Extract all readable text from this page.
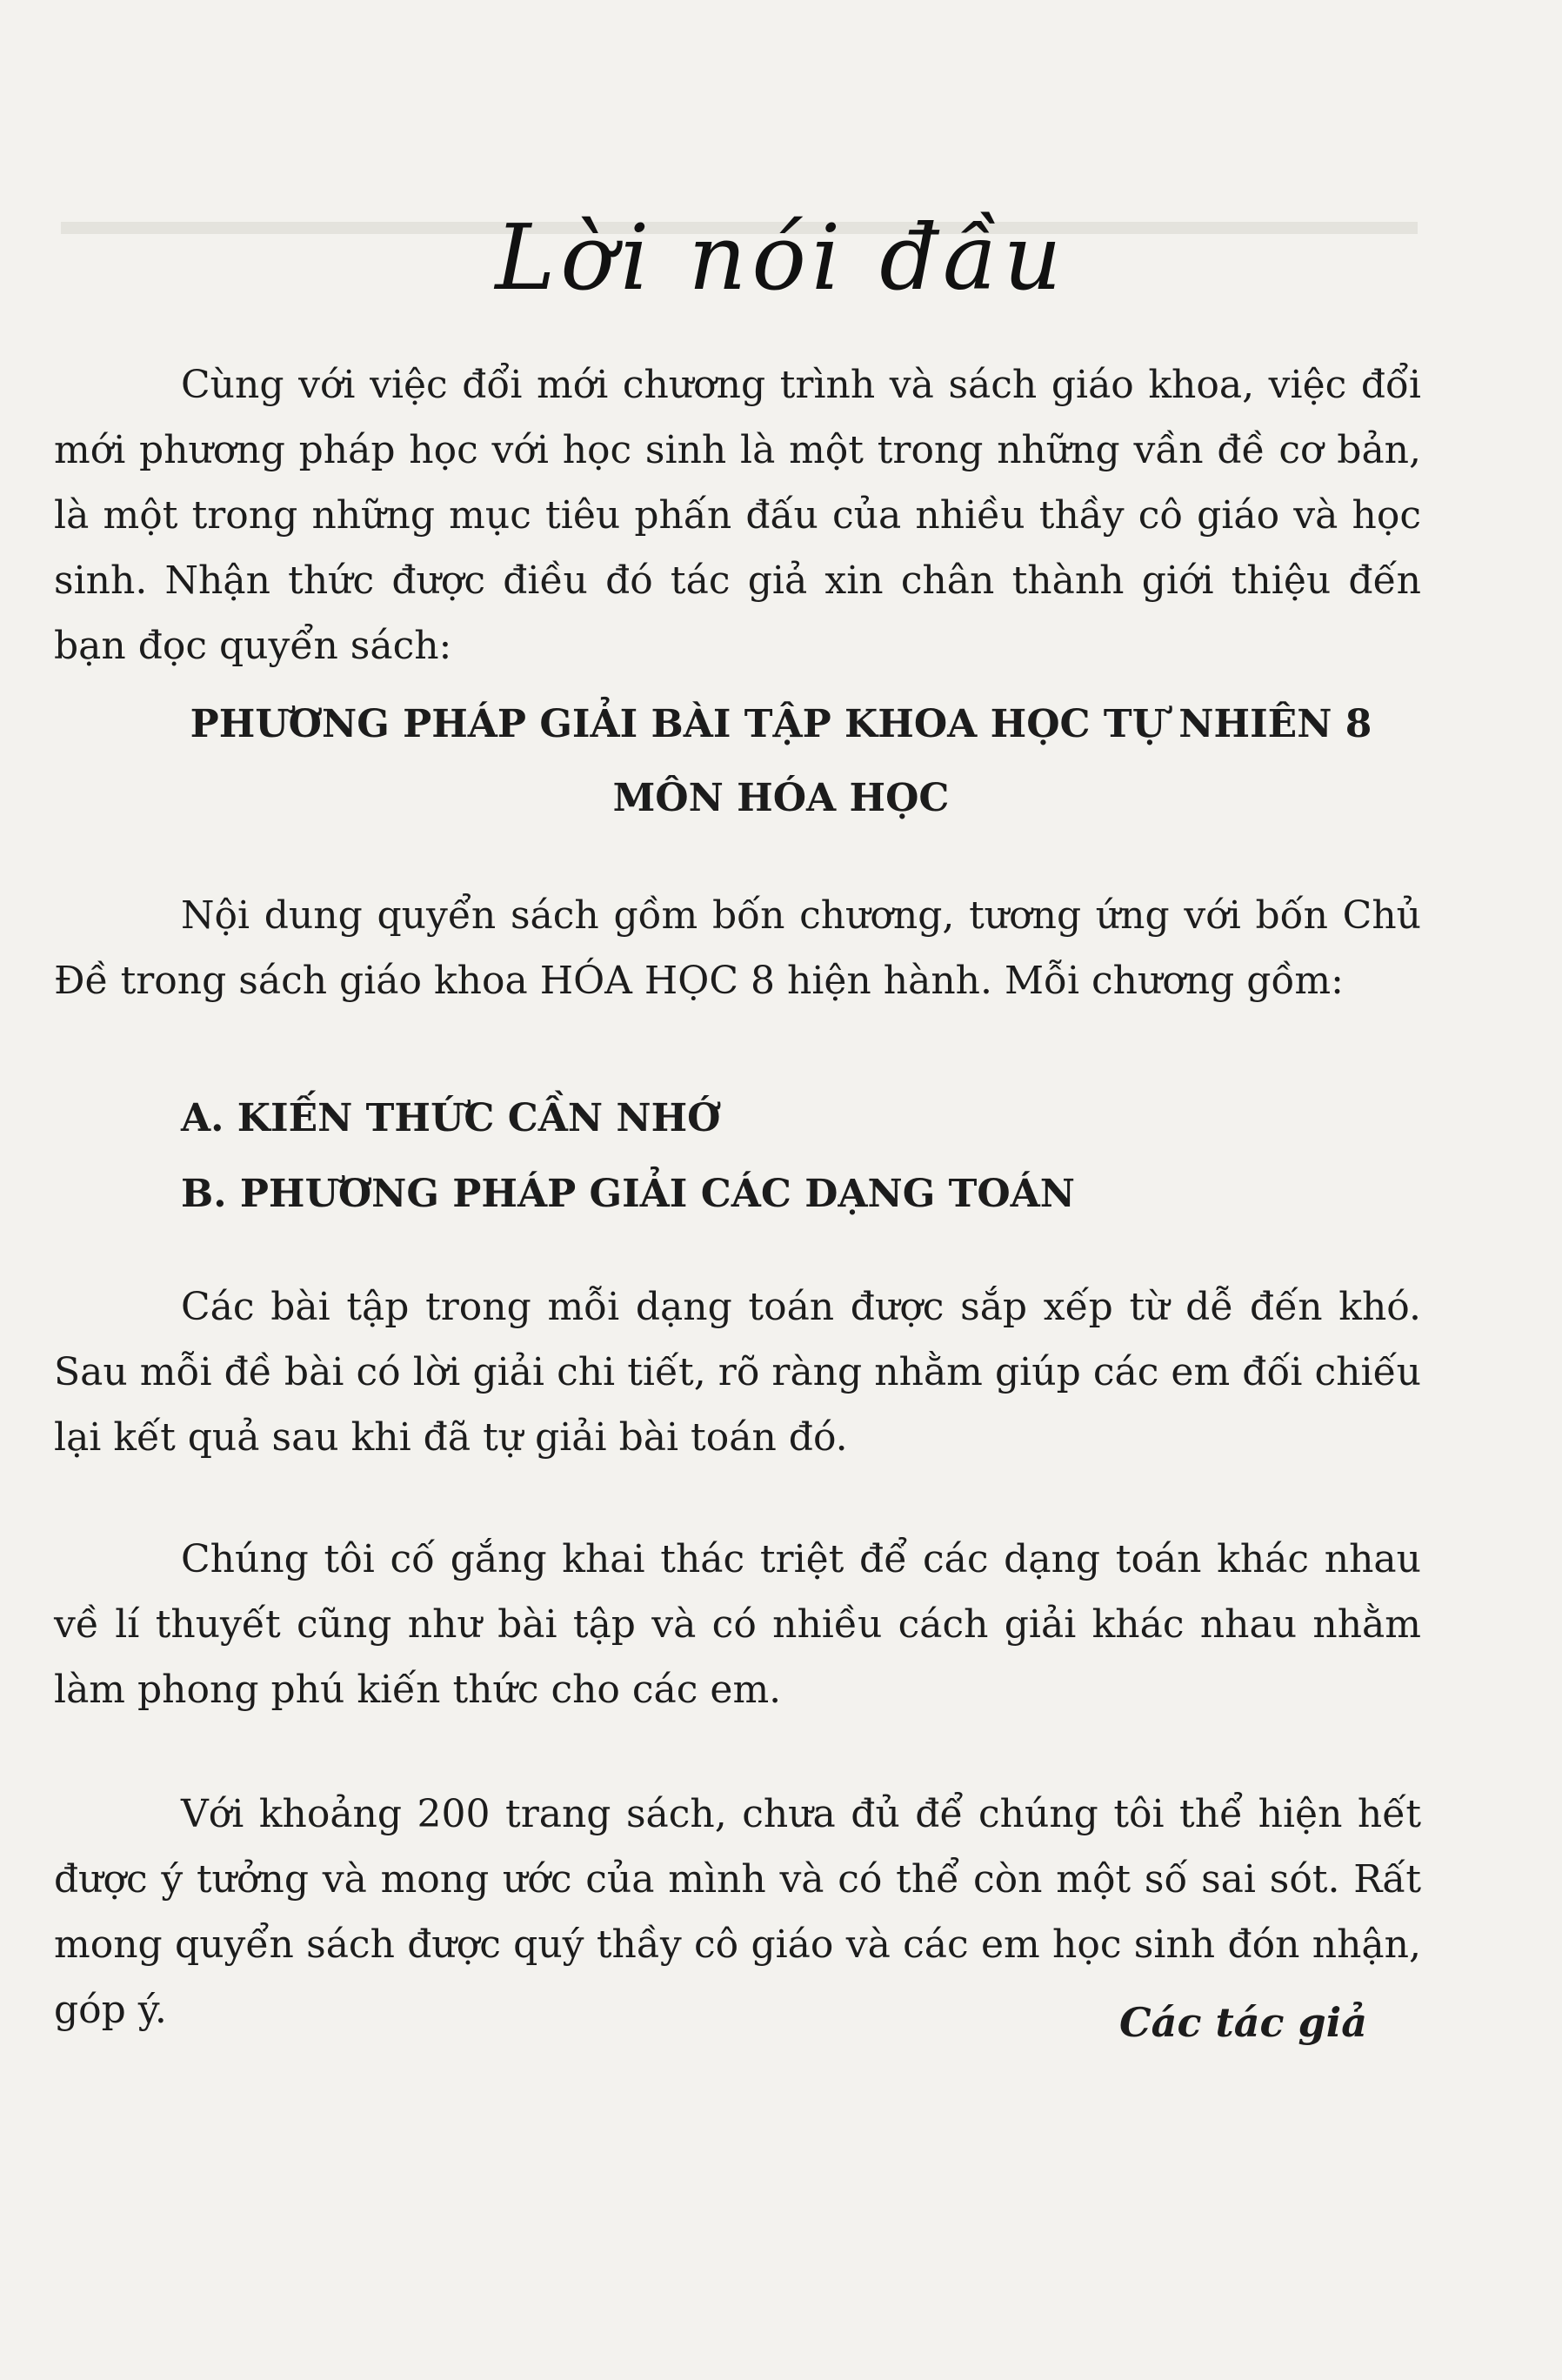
Lời nói đầu

Cùng với việc đổi mới chương trình và sách giáo khoa, việc đổi mới phương pháp học với học sinh là một trong những vần đề cơ bản, là một trong những mục tiêu phấn đấu của nhiều thầy cô giáo và học sinh. Nhận thức được điều đó tác giả xin chân thành giới thiệu đến bạn đọc quyển sách:

PHƯƠNG PHÁP GIẢI BÀI TẬP KHOA HỌC TỰ NHIÊN 8

MÔN HÓA HỌC

Nội dung quyển sách gồm bốn chương, tương ứng với bốn Chủ Đề trong sách giáo khoa HÓA HỌC 8 hiện hành. Mỗi chương gồm:

A. KIẾN THỨC CẦN NHỚ

B. PHƯƠNG PHÁP GIẢI CÁC DẠNG TOÁN

Các bài tập trong mỗi dạng toán được sắp xếp từ dễ đến khó. Sau mỗi đề bài có lời giải chi tiết, rõ ràng nhằm giúp các em đối chiếu lại kết quả sau khi đã tự giải bài toán đó.

Chúng tôi cố gắng khai thác triệt để các dạng toán khác nhau về lí thuyết cũng như bài tập và có nhiều cách giải khác nhau nhằm làm phong phú kiến thức cho các em.

Với khoảng 200 trang sách, chưa đủ để chúng tôi thể hiện hết được ý tưởng và mong ước của mình và có thể còn một số sai sót. Rất mong quyển sách được quý thầy cô giáo và các em học sinh đón nhận, góp ý.	Các tác giả
